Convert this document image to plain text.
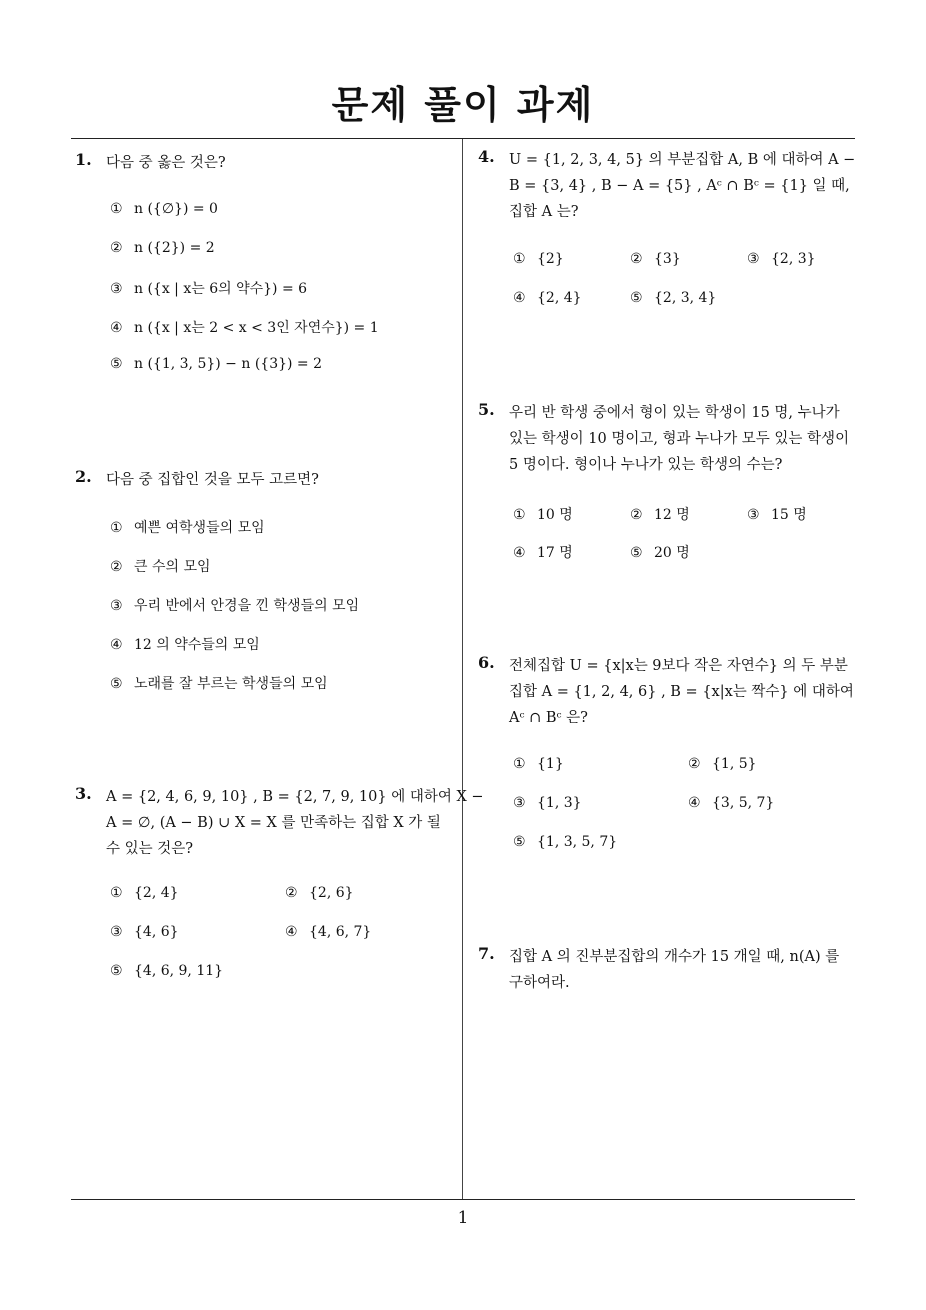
문제 풀이 과제
1
1. 다음 중 옳은 것은?
① n ({∅}) = 0
② n ({2}) = 2
③ n ({x | x는 6의 약수}) = 6
④ n ({x | x는 2 < x < 3인 자연수}) = 1
⑤ n ({1, 3, 5}) − n ({3}) = 2
2. 다음 중 집합인 것을 모두 고르면?
① 예쁜 여학생들의 모임
② 큰 수의 모임
③ 우리 반에서 안경을 낀 학생들의 모임
④ 12 의 약수들의 모임
⑤ 노래를 잘 부르는 학생들의 모임
3. A = {2, 4, 6, 9, 10} , B = {2, 7, 9, 10} 에 대하여 X −
A = ∅, (A − B) ∪ X = X 를 만족하는 집합 X 가 될
수 있는 것은?
① {2, 4}	② {2, 6}
③ {4, 6}	④ {4, 6, 7}
⑤ {4, 6, 9, 11}
4. U = {1, 2, 3, 4, 5} 의 부분집합 A, B 에 대하여 A −
B = {3, 4} , B − A = {5} , Aᶜ ∩ Bᶜ = {1} 일 때,
집합 A 는?
① {2}	② {3}	③ {2, 3}
④ {2, 4}	⑤ {2, 3, 4}
5. 우리 반 학생 중에서 형이 있는 학생이 15 명, 누나가
있는 학생이 10 명이고, 형과 누나가 모두 있는 학생이
5 명이다. 형이나 누나가 있는 학생의 수는?
① 10 명	② 12 명	③ 15 명
④ 17 명	⑤ 20 명
6. 전체집합 U = {x|x는 9보다 작은 자연수} 의 두 부분
집합 A = {1, 2, 4, 6} , B = {x|x는 짝수} 에 대하여
Aᶜ ∩ Bᶜ 은?
① {1}	② {1, 5}
③ {1, 3}	④ {3, 5, 7}
⑤ {1, 3, 5, 7}
7. 집합 A 의 진부분집합의 개수가 15 개일 때, n(A) 를
구하여라.
